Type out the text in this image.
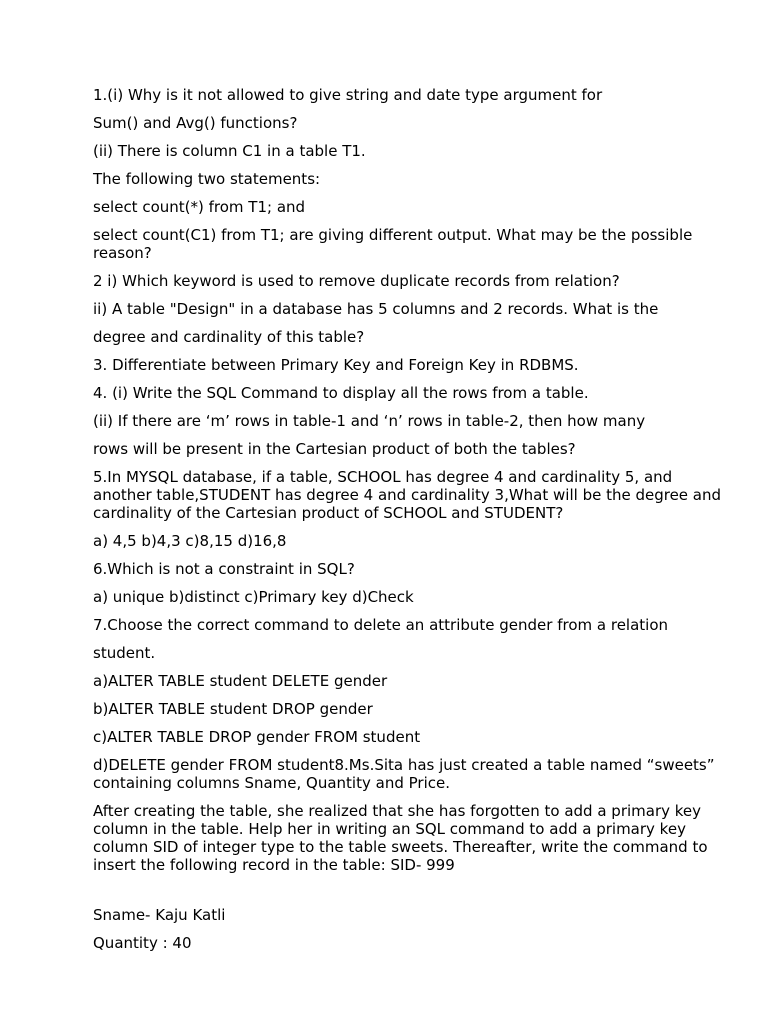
1.(i) Why is it not allowed to give string and date type argument for

Sum() and Avg() functions?

(ii) There is column C1 in a table T1.

The following two statements:

select count(*) from T1; and

select count(C1) from T1; are giving different output. What may be the possible reason?

2 i) Which keyword is used to remove duplicate records from relation?

ii) A table "Design" in a database has 5 columns and 2 records. What is the

degree and cardinality of this table?

3. Differentiate between Primary Key and Foreign Key in RDBMS.

4. (i) Write the SQL Command to display all the rows from a table.

(ii) If there are ‘m’ rows in table-1 and ‘n’ rows in table-2, then how many

rows will be present in the Cartesian product of both the tables?

5.In MYSQL database, if a table, SCHOOL has degree 4 and cardinality 5, and another table,STUDENT has degree 4 and cardinality 3,What will be the degree and cardinality of the Cartesian product of SCHOOL and STUDENT?

a) 4,5 b)4,3 c)8,15 d)16,8

6.Which is not a constraint in SQL?

a) unique b)distinct c)Primary key d)Check

7.Choose the correct command to delete an attribute gender from a relation

student.

a)ALTER TABLE student DELETE gender

b)ALTER TABLE student DROP gender

c)ALTER TABLE DROP gender FROM student

d)DELETE gender FROM student8.Ms.Sita has just created a table named “sweets” containing columns Sname, Quantity and Price.

After creating the table, she realized that she has forgotten to add a primary key column in the table. Help her in writing an SQL command to add a primary key column SID of integer type to the table sweets. Thereafter, write the command to insert the following record in the table: SID- 999

Sname- Kaju Katli

Quantity : 40
